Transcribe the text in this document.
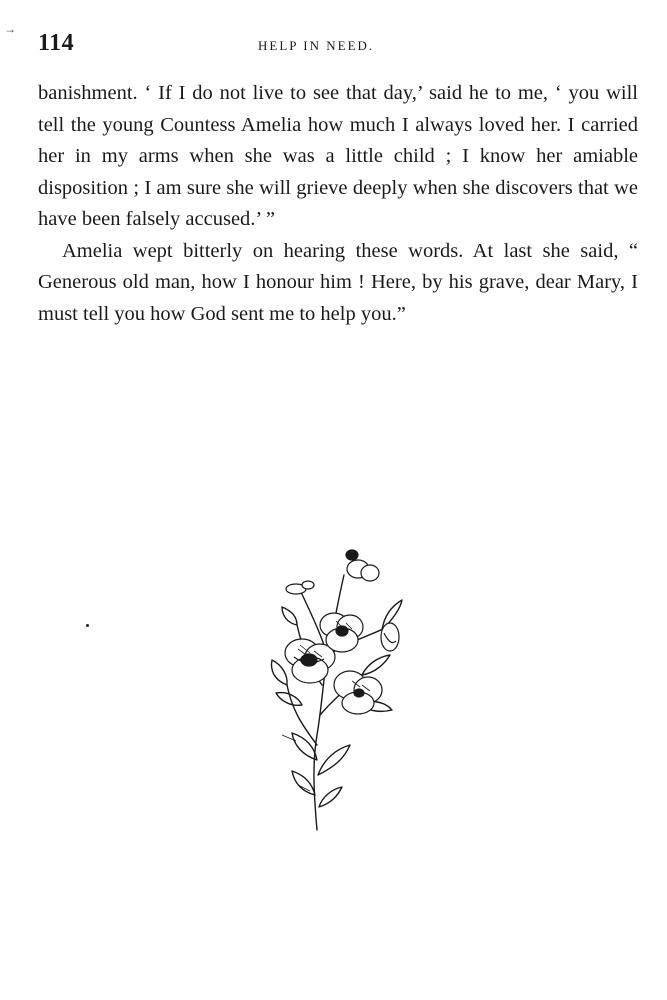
→
114	HELP IN NEED.

banishment. ‘ If I do not live to see that day,’ said he to me, ‘ you will tell the young Countess Amelia how much I always loved her. I carried her in my arms when she was a little child ; I know her amiable disposition ; I am sure she will grieve deeply when she discovers that we have been falsely accused.’ ”

Amelia wept bitterly on hearing these words. At last she said, “ Generous old man, how I honour him ! Here, by his grave, dear Mary, I must tell you how God sent me to help you.”
